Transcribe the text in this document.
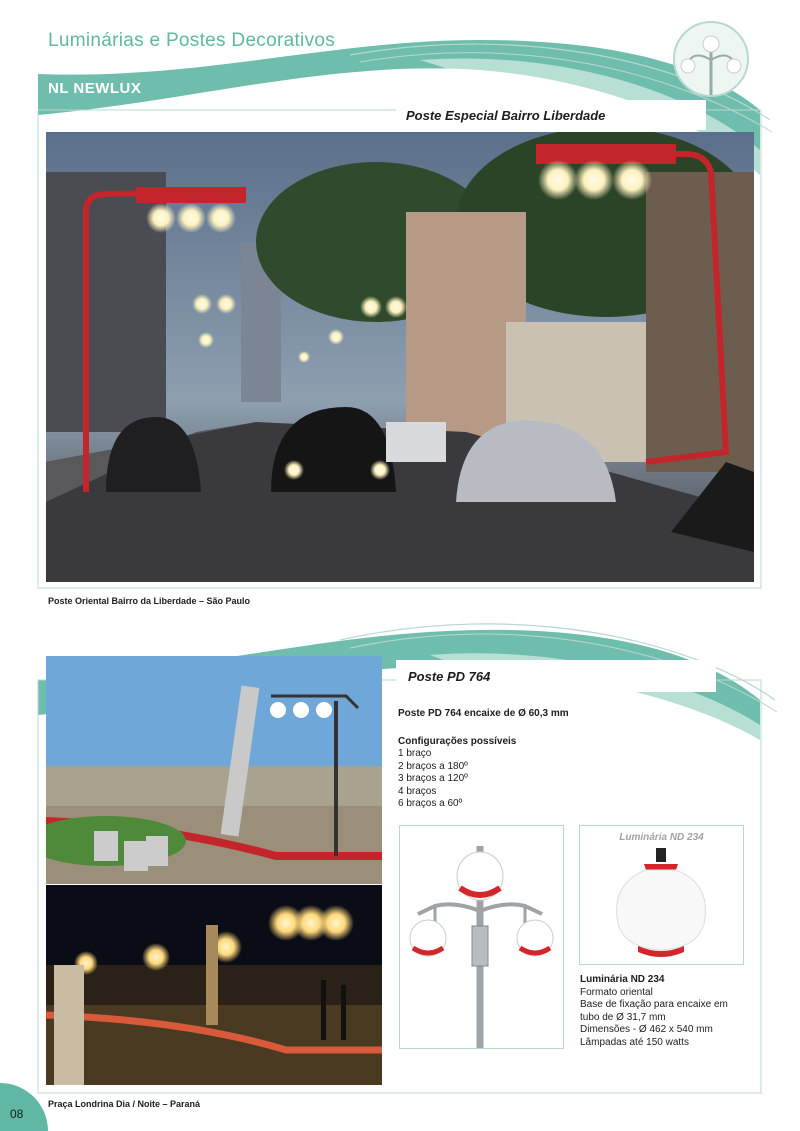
Luminárias e Postes Decorativos
NL NEWLUX
Poste Especial Bairro Liberdade
Poste Oriental Bairro da Liberdade – São Paulo
Praça Londrina Dia / Noite – Paraná
Poste PD 764
Poste PD 764 encaixe de Ø 60,3 mm
Configurações possíveis
1 braço
2 braços a 180º
3 braços a 120º
4 braços
6 braços a 60º
Luminária ND 234
Luminária ND 234
Formato oriental
Base de fixação para encaixe em
tubo de Ø 31,7 mm
Dimensões - Ø 462 x 540 mm
Lâmpadas até 150 watts
08
